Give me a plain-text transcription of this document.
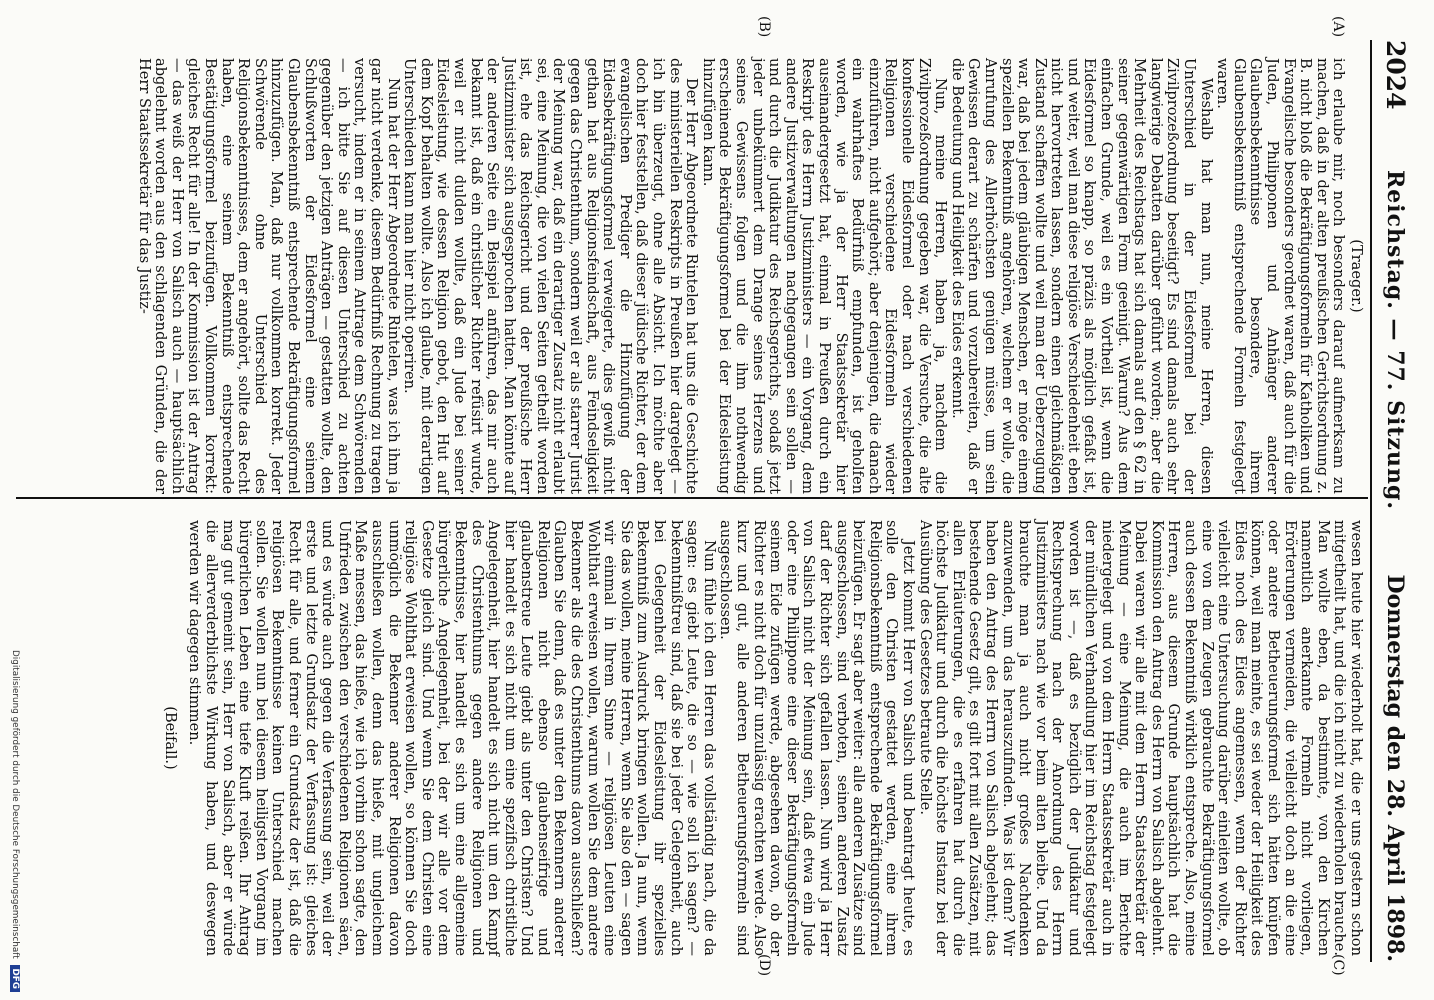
2024
Reichstag. — 77. Sitzung.
Donnerstag den 28. April 1898.
(A)
(B)
(C)
(D)

(Traeger.)

ich erlaube mir, noch besonders darauf aufmerksam zu machen, daß in der alten preußischen Gerichtsordnung z. B. nicht bloß die Bekräftigungsformeln für Katholiken und Evangelische besonders geordnet waren, daß auch für die Juden, Philipponen und Anhänger anderer Glaubensbekenntnisse besondere, ihrem Glaubensbekenntniß entsprechende Formeln festgelegt waren.

Weshalb hat man nun, meine Herren, diesen Unterschied in der Eidesformel bei der Zivilprozeßordnung beseitigt? Es sind damals auch sehr langwierige Debatten darüber geführt worden; aber die Mehrheit des Reichstags hat sich damals auf den § 62 in seiner gegenwärtigen Form geeinigt. Warum? Aus dem einfachen Grunde, weil es ein Vortheil ist, wenn die Eidesformel so knapp, so präzis als möglich gefaßt ist, und weiter, weil man diese religiöse Verschiedenheit eben nicht hervortreten lassen, sondern einen gleichmäßigen Zustand schaffen wollte und weil man der Ueberzeugung war, daß bei jedem gläubigen Menschen, er möge einem speziellen Bekenntniß angehören, welchem er wolle, die Anrufung des Allerhöchsten genügen müsse, um sein Gewissen derart zu schärfen und vorzubereiten, daß er die Bedeutung und Heiligkeit des Eides erkennt.

Nun, meine Herren, haben ja, nachdem die Zivilprozeßordnung gegeben war, die Versuche, die alte konfessionelle Eidesformel oder nach verschiedenen Religionen verschiedene Eidesformeln wieder einzuführen, nicht aufgehört; aber denjenigen, die danach ein wahrhaftes Bedürfniß empfunden, ist geholfen worden, wie ja der Herr Staatssekretär hier auseinandergesetzt hat, einmal in Preußen durch ein Reskript des Herrn Justizministers — ein Vorgang, dem andere Justizverwaltungen nachgegangen sein sollen — und durch die Judikatur des Reichsgerichts, sodaß jetzt jeder unbekümmert dem Drange seines Herzens und seines Gewissens folgen und die ihm nothwendig erscheinende Bekräftigungsformel bei der Eidesleistung hinzufügen kann.

Der Herr Abgeordnete Rintelen hat uns die Geschichte des ministeriellen Reskripts in Preußen hier dargelegt — ich bin überzeugt, ohne alle Absicht. Ich möchte aber doch hier feststellen, daß dieser jüdische Richter, der dem evangelischen Prediger die Hinzufügung der Eidesbekräftigungsformel verweigerte, dies gewiß nicht gethan hat aus Religionsfeindschaft, aus Feindseligkeit gegen das Christenthum, sondern weil er als starrer Jurist der Meinung war, daß ein derartiger Zusatz nicht erlaubt sei, eine Meinung, die von vielen Seiten getheilt worden ist, ehe das Reichsgericht und der preußische Herr Justizminister sich ausgesprochen hatten. Man könnte auf der anderen Seite ein Beispiel anführen, das mir auch bekannt ist, daß ein christlicher Richter refüsirt wurde, weil er nicht dulden wollte, daß ein Jude bei seiner Eidesleistung, wie dessen Religion gebot, den Hut auf dem Kopf behalten wollte. Also ich glaube, mit derartigen Unterschieden kann man hier nicht operiren.

Nun hat der Herr Abgeordnete Rintelen, was ich ihm ja gar nicht verdenke, diesem Bedürfniß Rechnung zu tragen versucht, indem er in seinem Antrage dem Schwörenden — ich bitte Sie auf diesen Unterschied zu achten gegenüber den jetzigen Anträgen — gestatten wollte, den Schlußworten der Eidesformel eine seinem Glaubensbekenntniß entsprechende Bekräftigungsformel hinzuzufügen. Man, daß nur vollkommen korrekt. Jeder Schwörende ohne Unterschied des Religionsbekenntnisses, dem er angehört, sollte das Recht haben, eine seinem Bekenntniß entsprechende Bestätigungsformel beizufügen. Vollkommen korrekt: gleiches Recht für alle! In der Kommission ist der Antrag — das weiß der Herr von Salisch auch — hauptsächlich abgelehnt worden aus den schlagenden Gründen, die der Herr Staatssekretär für das Justiz-

wesen heute hier wiederholt hat, die er uns gestern schon mitgetheilt hat, und die ich nicht zu wiederholen brauche. Man wollte eben, da bestimmte, von den Kirchen namentlich anerkannte Formeln nicht vorliegen, Erörterungen vermeiden, die vielleicht doch an die eine oder andere Betheuerungsformel sich hätten knüpfen können, weil man meinte, es sei weder der Heiligkeit des Eides noch des Eides angemessen, wenn der Richter vielleicht eine Untersuchung darüber einleiten wollte, ob eine von dem Zeugen gebrauchte Bekräftigungsformel auch dessen Bekenntniß wirklich entspreche. Also, meine Herren, aus diesem Grunde hauptsächlich hat die Kommission den Antrag des Herrn von Salisch abgelehnt. Dabei waren wir alle mit dem Herrn Staatssekretär der Meinung — eine Meinung, die auch im Berichte niedergelegt und von dem Herrn Staatssekretär auch in der mündlichen Verhandlung hier im Reichstag festgelegt worden ist —, daß es bezüglich der Judikatur und Rechtsprechung nach der Anordnung des Herrn Justizministers nach wie vor beim alten bleibe. Und da brauchte man ja auch nicht großes Nachdenken anzuwenden, um das herauszufinden. Was ist denn? Wir haben den Antrag des Herrn von Salisch abgelehnt; das bestehende Gesetz gilt, es gilt fort mit allen Zusätzen, mit allen Erläuterungen, die es erfahren hat durch die höchste Judikatur und durch die höchste Instanz bei der Ausübung des Gesetzes betraute Stelle.

Jetzt kommt Herr von Salisch und beantragt heute, es solle den Christen gestattet werden, eine ihrem Religionsbekenntniß entsprechende Bekräftigungsformel beizufügen. Er sagt aber weiter: alle anderen Zusätze sind ausgeschlossen, sind verboten, seinen anderen Zusatz darf der Richter sich gefallen lassen. Nun wird ja Herr von Salisch nicht der Meinung sein, daß etwa ein Jude oder eine Philippone eine dieser Bekräftigungsformeln seinem Eide zufügen werde, abgesehen davon, ob der Richter es nicht doch für unzulässig erachten werde. Also kurz und gut, alle anderen Betheuerungsformeln sind ausgeschlossen.

Nun fühle ich den Herren das vollständig nach, die da sagen: es giebt Leute, die so — wie soll ich sagen? — bekenntnißtreu sind, daß sie bei jeder Gelegenheit, auch bei Gelegenheit der Eidesleistung ihr spezielles Bekenntniß zum Ausdruck bringen wollen. Ja nun, wenn Sie das wollen, meine Herren, wenn Sie also den — sagen wir einmal in Ihrem Sinne — religiösen Leuten eine Wohlthat erweisen wollen, warum wollen Sie dem andere Bekenner als die des Christenthums davon ausschließen? Glauben Sie denn, daß es unter den Bekennern anderer Religionen nicht ebenso glaubenseifrige und glaubenstreue Leute giebt als unter den Christen? Und hier handelt es sich nicht um eine spezifisch christliche Angelegenheit, hier handelt es sich nicht um den Kampf des Christenthums gegen andere Religionen und Bekenntnisse, hier handelt es sich um eine allgemeine bürgerliche Angelegenheit, bei der wir alle vor dem Gesetze gleich sind. Und wenn Sie dem Christen eine religiöse Wohlthat erweisen wollen, so können Sie doch unmöglich die Bekenner anderer Religionen davon ausschließen wollen, denn das hieße, mit ungleichem Maße messen, das hieße, wie ich vorhin schon sagte, den Unfrieden zwischen den verschiedenen Religionen säen, und es würde auch gegen die Verfassung sein, weil der erste und letzte Grundsatz der Verfassung ist: gleiches Recht für alle, und ferner ein Grundsatz der ist, daß die religiösen Bekenntnisse keinen Unterschied machen sollen. Sie wollen nun bei diesem heiligsten Vorgang im bürgerlichen Leben eine tiefe Kluft reißen. Ihr Antrag mag gut gemeint sein, Herr von Salisch, aber er würde die allerverderblichste Wirkung haben, und deswegen werden wir dagegen stimmen.

(Beifall.)

Digitalisierung gefördert durch die Deutsche Forschungsgemeinschaft DFG
